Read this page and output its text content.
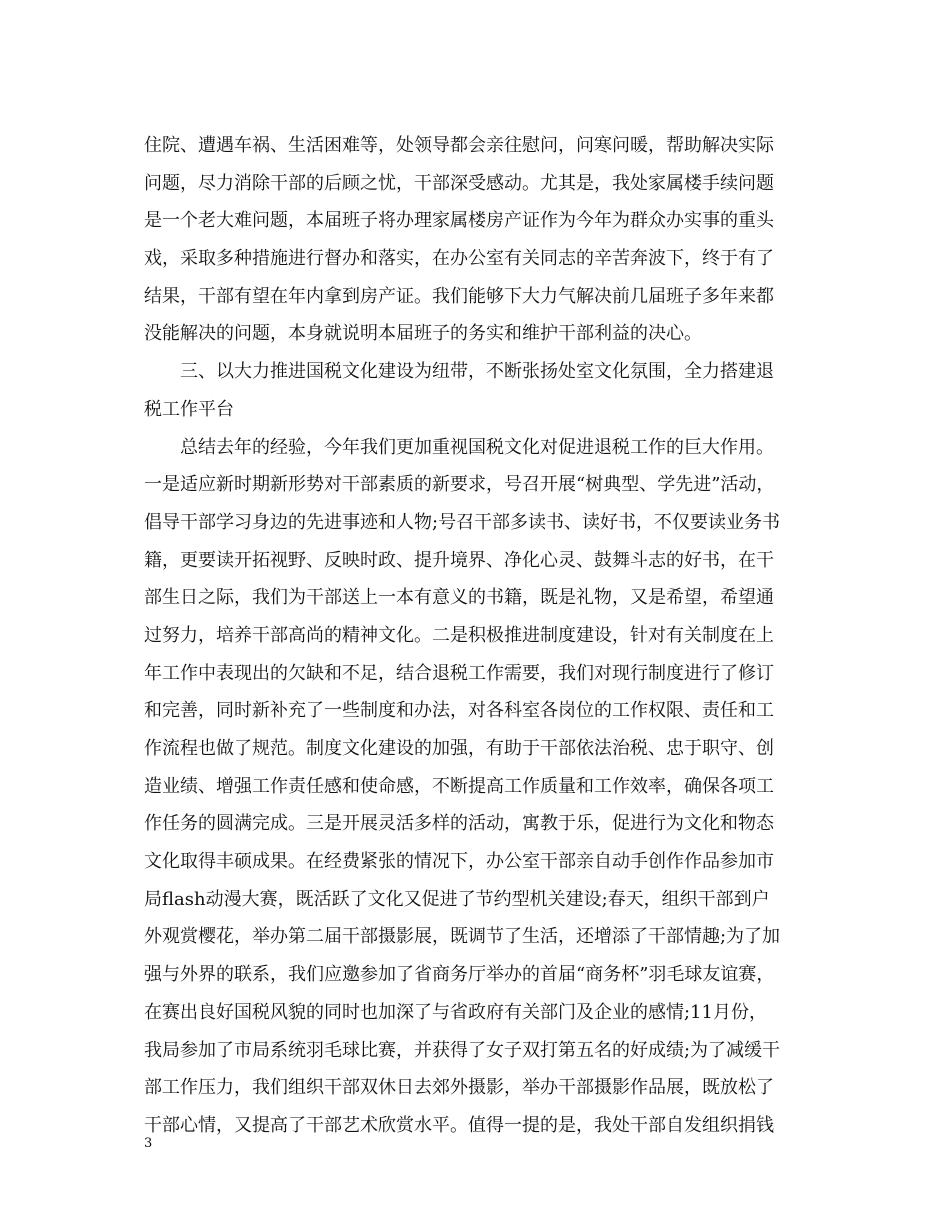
住院、遭遇车祸、生活困难等，处领导都会亲往慰问，问寒问暖，帮助解决实际
问题，尽力消除干部的后顾之忧，干部深受感动。尤其是，我处家属楼手续问题
是一个老大难问题，本届班子将办理家属楼房产证作为今年为群众办实事的重头
戏，采取多种措施进行督办和落实，在办公室有关同志的辛苦奔波下，终于有了
结果，干部有望在年内拿到房产证。我们能够下大力气解决前几届班子多年来都
没能解决的问题，本身就说明本届班子的务实和维护干部利益的决心。
　　三、以大力推进国税文化建设为纽带，不断张扬处室文化氛围，全力搭建退
税工作平台
　　总结去年的经验，今年我们更加重视国税文化对促进退税工作的巨大作用。
一是适应新时期新形势对干部素质的新要求，号召开展“树典型、学先进”活动，
倡导干部学习身边的先进事迹和人物;号召干部多读书、读好书，不仅要读业务书
籍，更要读开拓视野、反映时政、提升境界、净化心灵、鼓舞斗志的好书，在干
部生日之际，我们为干部送上一本有意义的书籍，既是礼物，又是希望，希望通
过努力，培养干部高尚的精神文化。二是积极推进制度建设，针对有关制度在上
年工作中表现出的欠缺和不足，结合退税工作需要，我们对现行制度进行了修订
和完善，同时新补充了一些制度和办法，对各科室各岗位的工作权限、责任和工
作流程也做了规范。制度文化建设的加强，有助于干部依法治税、忠于职守、创
造业绩、增强工作责任感和使命感，不断提高工作质量和工作效率，确保各项工
作任务的圆满完成。三是开展灵活多样的活动，寓教于乐，促进行为文化和物态
文化取得丰硕成果。在经费紧张的情况下，办公室干部亲自动手创作作品参加市
局flash动漫大赛，既活跃了文化又促进了节约型机关建设;春天，组织干部到户
外观赏樱花，举办第二届干部摄影展，既调节了生活，还增添了干部情趣;为了加
强与外界的联系，我们应邀参加了省商务厅举办的首届“商务杯”羽毛球友谊赛，
在赛出良好国税风貌的同时也加深了与省政府有关部门及企业的感情;11月份，
我局参加了市局系统羽毛球比赛，并获得了女子双打第五名的好成绩;为了减缓干
部工作压力，我们组织干部双休日去郊外摄影，举办干部摄影作品展，既放松了
干部心情，又提高了干部艺术欣赏水平。值得一提的是，我处干部自发组织捐钱
3
